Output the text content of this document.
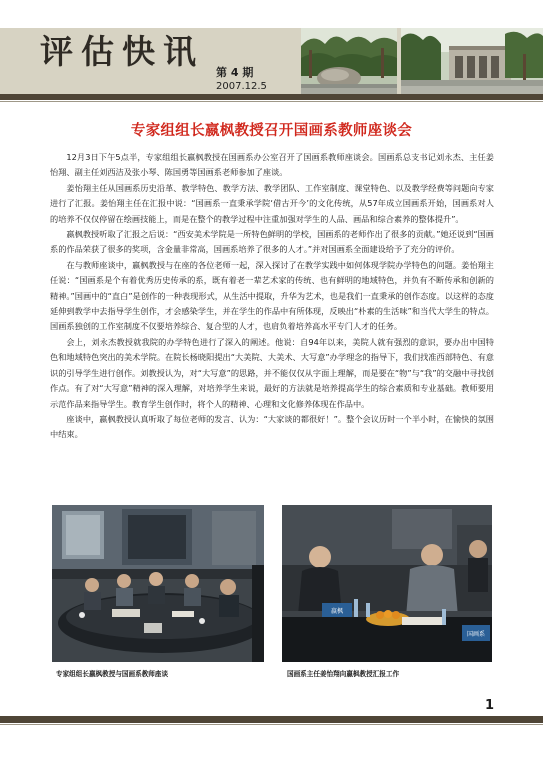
评估快讯
第 4 期
2007.12.5
专家组组长嬴枫教授召开国画系教师座谈会

12月3日下午5点半，专家组组长嬴枫教授在国画系办公室召开了国画系教师座谈会。国画系总支书记刘永杰、主任姜怡翔、副主任刘西洁及张小琴、陈国勇等国画系老师参加了座谈。

姜怡翔主任从国画系历史沿革、教学特色、教学方法、教学团队、工作室制度、课堂特色、以及教学经费等问题向专家进行了汇报。姜怡翔主任在汇报中说：“国画系一直秉承学院‘借古开今’的文化传统，从57年成立国画系开始，国画系对人的培养不仅仅停留在绘画技能上，而是在整个的教学过程中注重加强对学生的人品、画品和综合素养的整体提升”。

嬴枫教授听取了汇报之后说：“西安美术学院是一所特色鲜明的学校，国画系的老师作出了很多的贡献。”她还说到“国画系的作品荣获了很多的奖项，含金量非常高，国画系培养了很多的人才。”并对国画系全面建设给予了充分的评价。

在与教师座谈中，嬴枫教授与在座的各位老师一起，深入探讨了在教学实践中如何体现学院办学特色的问题。姜怡翔主任说：“国画系是个有着优秀历史传承的系，既有着老一辈艺术家的传统、也有鲜明的地域特色，并负有不断传承和创新的精神。”国画中的“直白”是创作的一种表现形式，从生活中提取，升华为艺术，也是我们一直秉承的创作态度。以这样的态度延伸到教学中去指导学生创作，才会感染学生，并在学生的作品中有所体现，反映出“朴素的生活味”和当代大学生的特点。国画系独创的工作室制度不仅要培养综合、复合型的人才，也肩负着培养高水平专门人才的任务。

会上，刘永杰教授就我院的办学特色进行了深入的阐述。他说：自94年以来，美院人就有强烈的意识，要办出中国特色和地域特色突出的美术学院。在院长杨晓阳提出“大美院、大美术、大写意”办学理念的指导下，我们找准西部特色、有意识的引导学生进行创作。刘教授认为，对“大写意”的思路，并不能仅仅从字面上理解，而是要在“物”与“我”的交融中寻找创作点。有了对“大写意”精神的深入理解，对培养学生来说，最好的方法就是培养提高学生的综合素质和专业基础。教师要用示范作品来指导学生。教育学生创作时，将个人的精神、心理和文化修养体现在作品中。

座谈中，嬴枫教授认真听取了每位老师的发言、认为：“大家谈的都很好！”。整个会议历时一个半小时，在愉快的氛围中结束。

嬴枫
国画系
专家组组长嬴枫教授与国画系教师座谈	国画系主任姜怡翔向嬴枫教授汇报工作
1
